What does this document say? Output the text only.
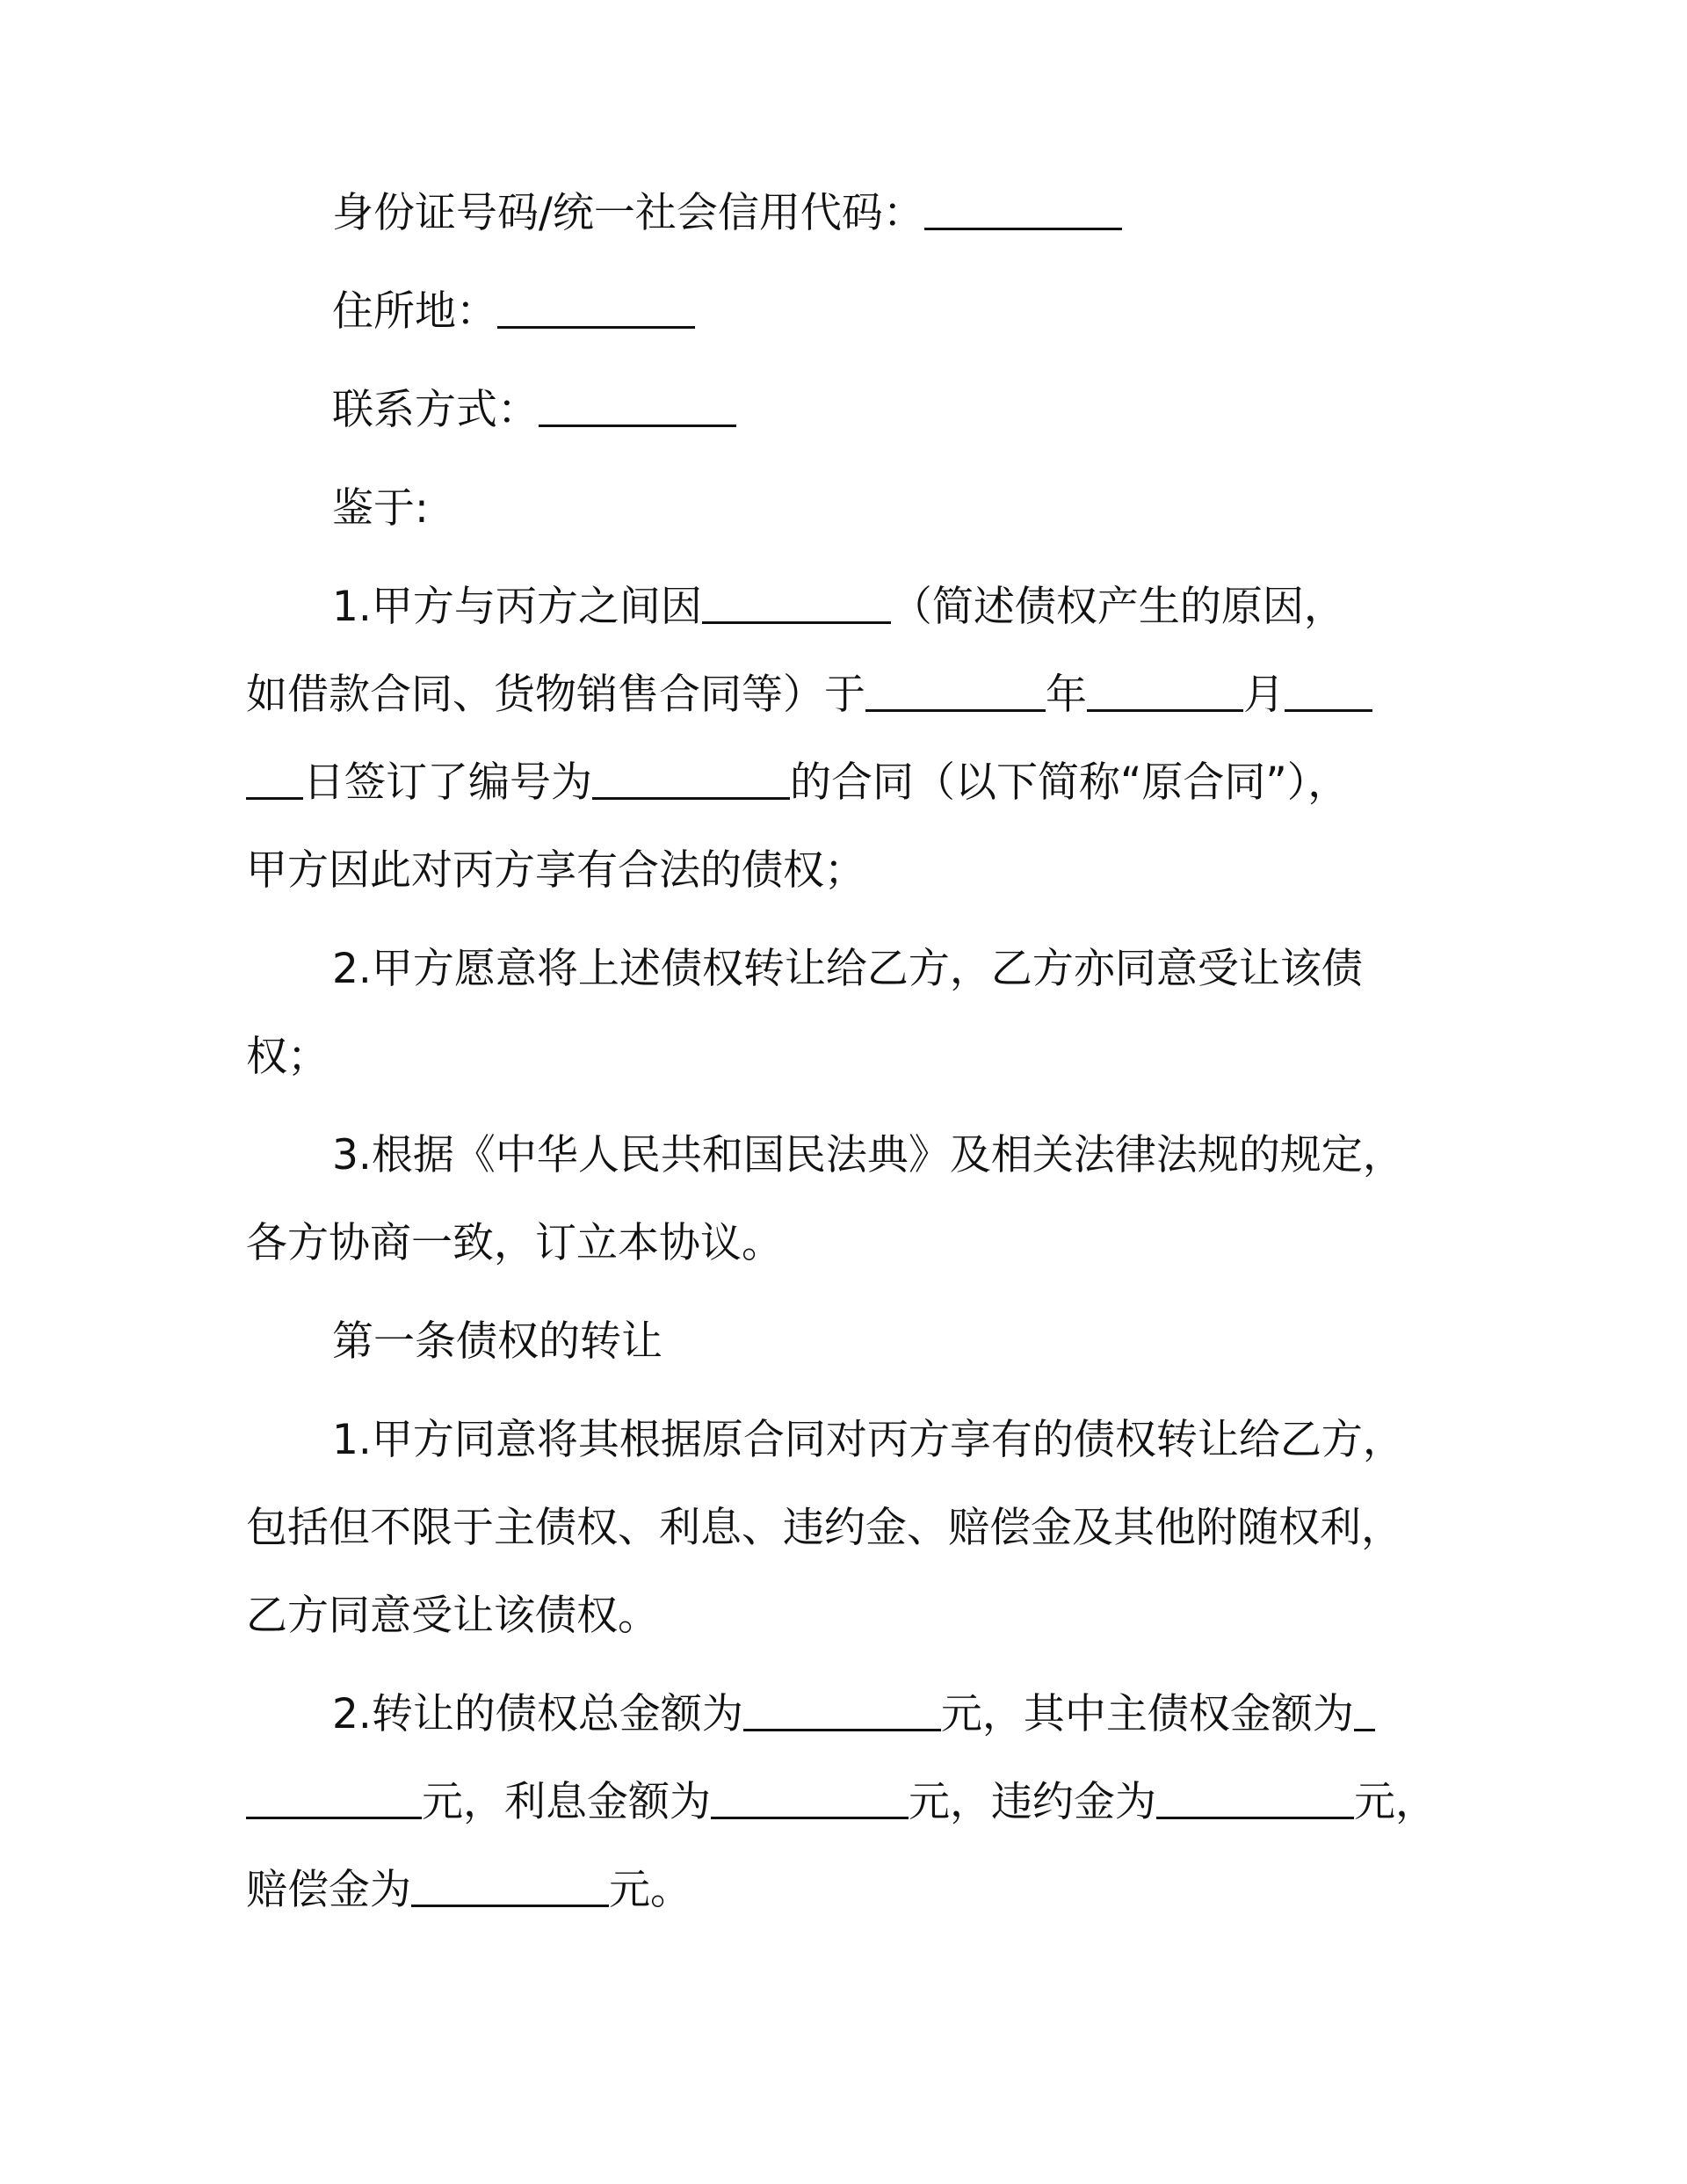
身份证号码/统一社会信用代码：
住所地：
联系方式：
鉴于:
1.甲方与丙方之间因	（简述债权产生的原因，
如借款合同、货物销售合同等）于	年	月
日签订了编号为	的合同（以下简称“原合同”），
甲方因此对丙方享有合法的债权；
2.甲方愿意将上述债权转让给乙方，乙方亦同意受让该债
权；
3.根据《中华人民共和国民法典》及相关法律法规的规定，
各方协商一致，订立本协议。
第一条债权的转让
1.甲方同意将其根据原合同对丙方享有的债权转让给乙方，
包括但不限于主债权、利息、违约金、赔偿金及其他附随权利，
乙方同意受让该债权。
2.转让的债权总金额为	元，其中主债权金额为
元，利息金额为	元，违约金为	元，
赔偿金为	元。
